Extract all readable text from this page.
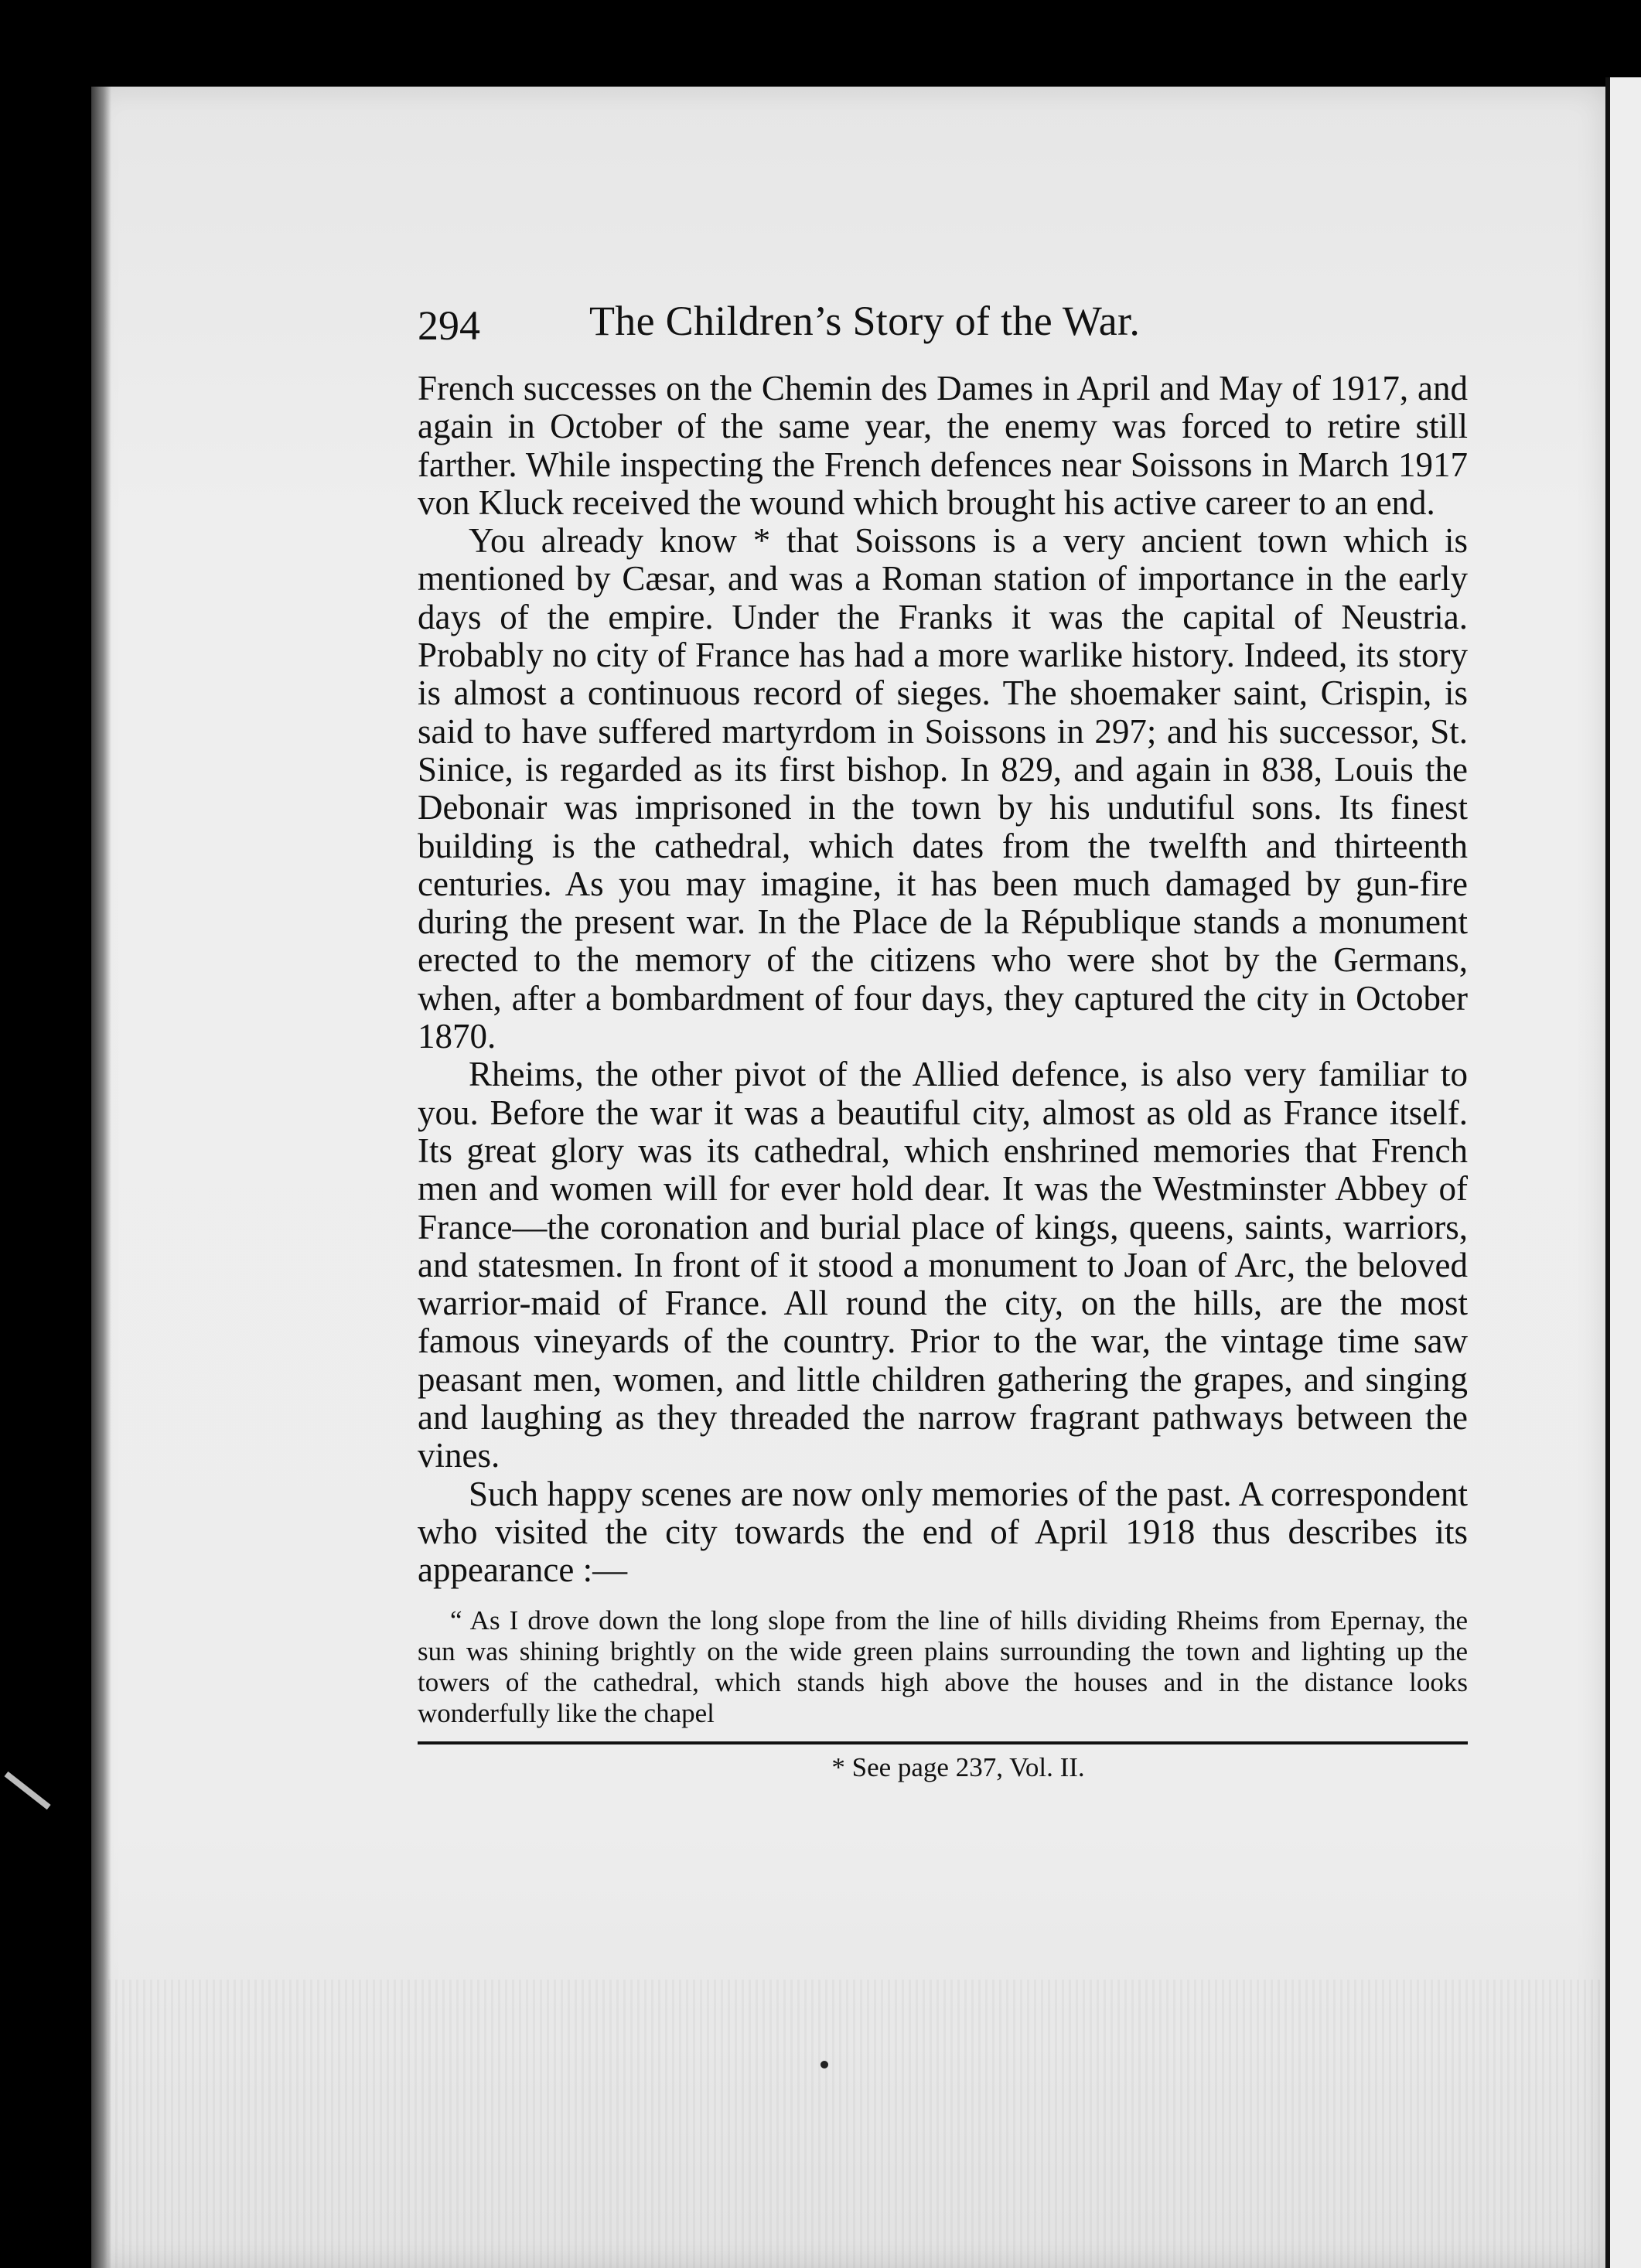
294	The Children’s Story of the War.

French successes on the Chemin des Dames in April and May of 1917, and again in October of the same year, the enemy was forced to retire still farther. While inspecting the French defences near Soissons in March 1917 von Kluck received the wound which brought his active career to an end.

You already know * that Soissons is a very ancient town which is mentioned by Cæsar, and was a Roman station of importance in the early days of the empire. Under the Franks it was the capital of Neustria. Probably no city of France has had a more warlike history. Indeed, its story is almost a continuous record of sieges. The shoemaker saint, Crispin, is said to have suffered martyrdom in Soissons in 297; and his successor, St. Sinice, is regarded as its first bishop. In 829, and again in 838, Louis the Debonair was imprisoned in the town by his undutiful sons. Its finest building is the cathedral, which dates from the twelfth and thirteenth centuries. As you may imagine, it has been much damaged by gun-fire during the present war. In the Place de la République stands a monument erected to the memory of the citizens who were shot by the Germans, when, after a bombardment of four days, they captured the city in October 1870.

Rheims, the other pivot of the Allied defence, is also very familiar to you. Before the war it was a beautiful city, almost as old as France itself. Its great glory was its cathedral, which enshrined memories that French men and women will for ever hold dear. It was the Westminster Abbey of France—the coronation and burial place of kings, queens, saints, warriors, and statesmen. In front of it stood a monument to Joan of Arc, the beloved warrior-maid of France. All round the city, on the hills, are the most famous vineyards of the country. Prior to the war, the vintage time saw peasant men, women, and little children gathering the grapes, and singing and laughing as they threaded the narrow fragrant pathways between the vines.

Such happy scenes are now only memories of the past. A correspondent who visited the city towards the end of April 1918 thus describes its appearance :—

“ As I drove down the long slope from the line of hills dividing Rheims from Epernay, the sun was shining brightly on the wide green plains surrounding the town and lighting up the towers of the cathedral, which stands high above the houses and in the distance looks wonderfully like the chapel

* See page 237, Vol. II.
